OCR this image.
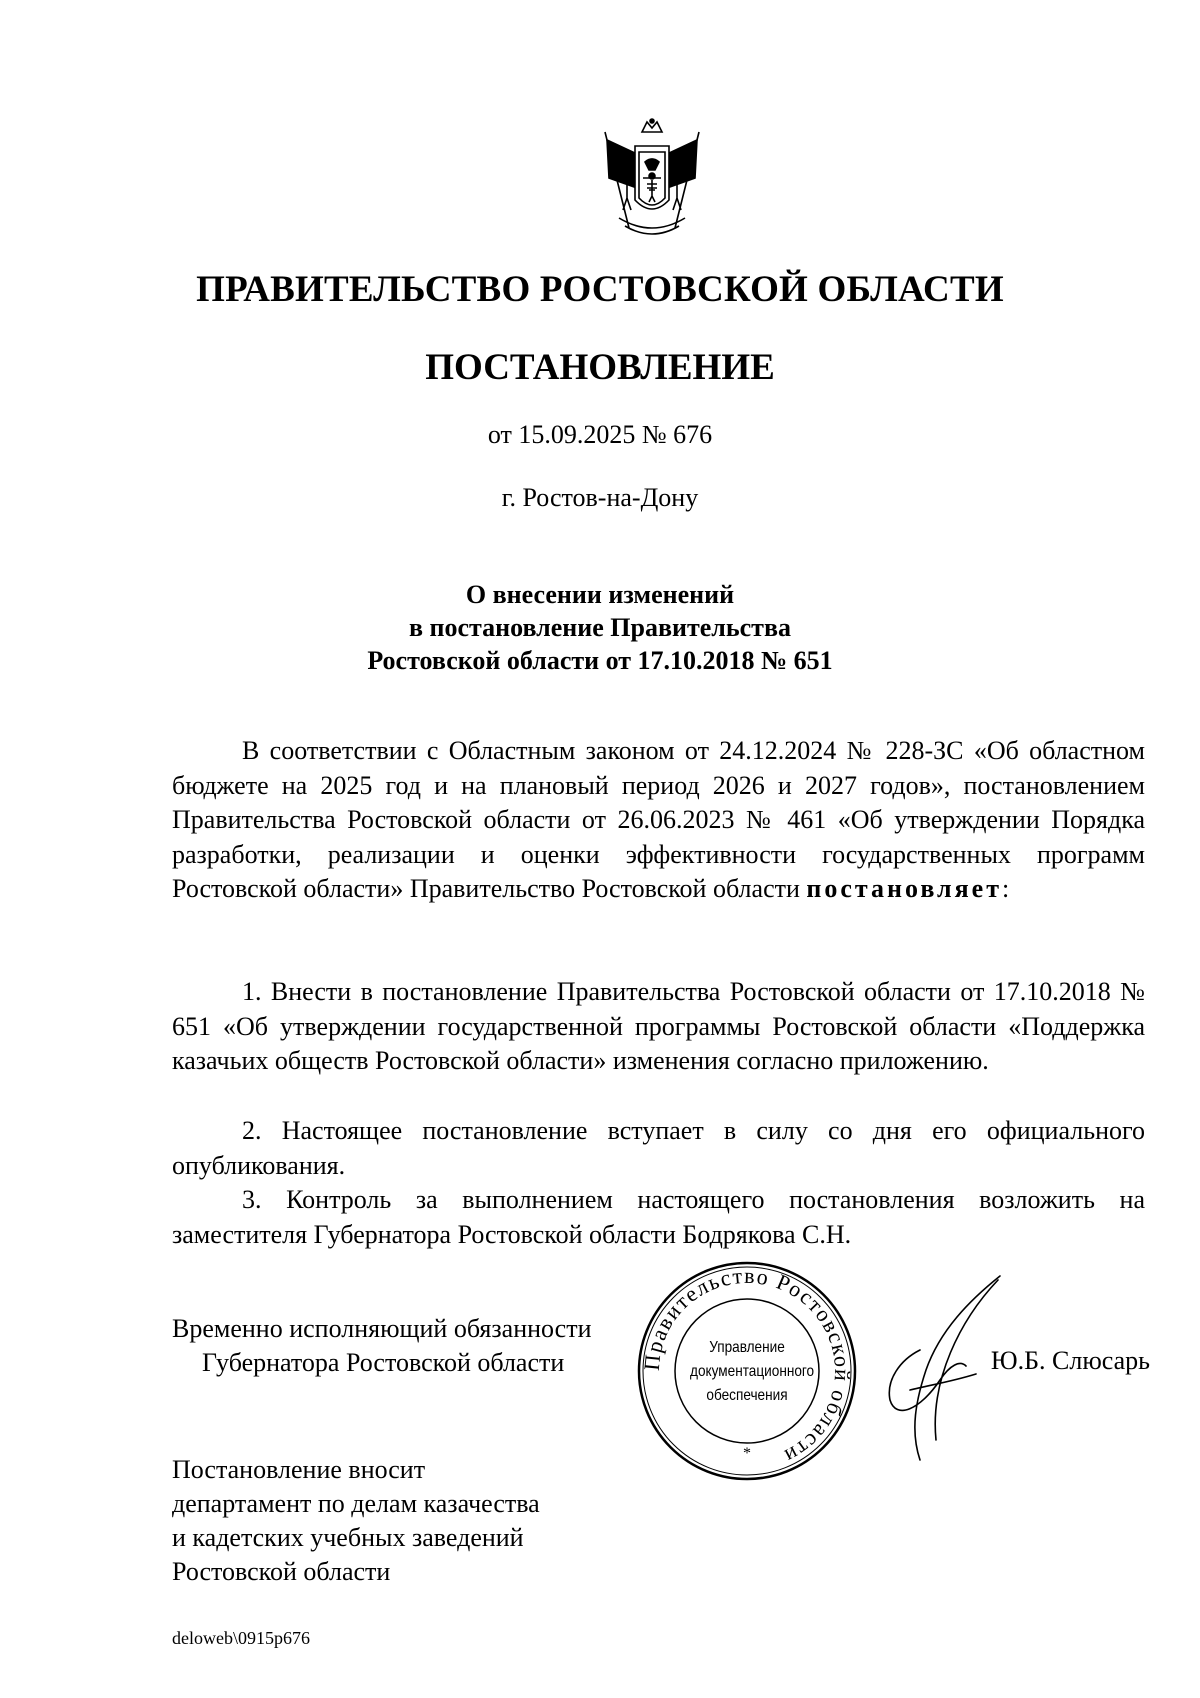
ПРАВИТЕЛЬСТВО РОСТОВСКОЙ ОБЛАСТИ
ПОСТАНОВЛЕНИЕ

от 15.09.2025 № 676

г. Ростов-на-Дону

О внесении изменений
в постановление Правительства
Ростовской области от 17.10.2018 № 651

В соответствии с Областным законом от 24.12.2024 № 228-ЗС «Об областном бюджете на 2025 год и на плановый период 2026 и 2027 годов», постановлением Правительства Ростовской области от 26.06.2023 № 461 «Об утверждении Порядка разработки, реализации и оценки эффективности государственных программ Ростовской области» Правительство Ростовской области постановляет:

1. Внести в постановление Правительства Ростовской области от 17.10.2018 № 651 «Об утверждении государственной программы Ростовской области «Поддержка казачьих обществ Ростовской области» изменения согласно приложению.

2. Настоящее постановление вступает в силу со дня его официального опубликования.

3. Контроль за выполнением настоящего постановления возложить на заместителя Губернатора Ростовской области Бодрякова С.Н.

Временно исполняющий обязанности
Губернатора Ростовской области	Правительство Ростовской области
*
Управление
документационного
обеспечения
Ю.Б. Слюсарь
Постановление вносит
департамент по делам казачества
и кадетских учебных заведений
Ростовской области
deloweb\0915p676
